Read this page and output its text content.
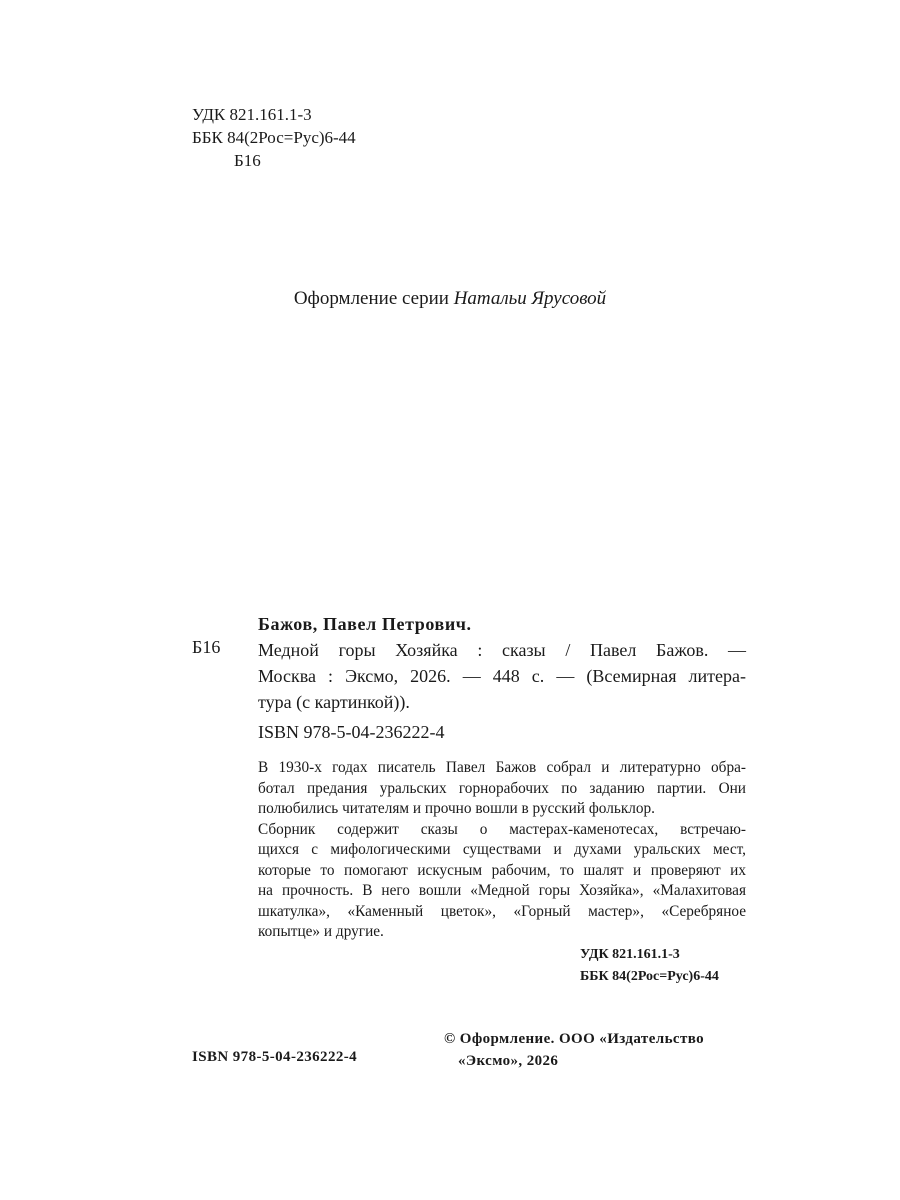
УДК 821.161.1-3
ББК 84(2Рос=Рус)6-44
Б16
Оформление серии Натальи Ярусовой
Бажов, Павел Петрович.
Б16 Медной горы Хозяйка : сказы / Павел Бажов. —
Москва : Эксмо, 2026. — 448 с. — (Всемирная литера-
тура (с картинкой)).
ISBN 978-5-04-236222-4
В 1930-х годах писатель Павел Бажов собрал и литературно обра-
ботал предания уральских горнорабочих по заданию партии. Они
полюбились читателям и прочно вошли в русский фольклор.
Сборник содержит сказы о мастерах-каменотесах, встречаю-
щихся с мифологическими существами и духами уральских мест,
которые то помогают искусным рабочим, то шалят и проверяют их
на прочность. В него вошли «Медной горы Хозяйка», «Малахитовая
шкатулка», «Каменный цветок», «Горный мастер», «Серебряное
копытце» и другие.
УДК 821.161.1-3
ББК 84(2Рос=Рус)6-44
© Оформление. ООО «Издательство
«Эксмо», 2026
ISBN 978-5-04-236222-4
